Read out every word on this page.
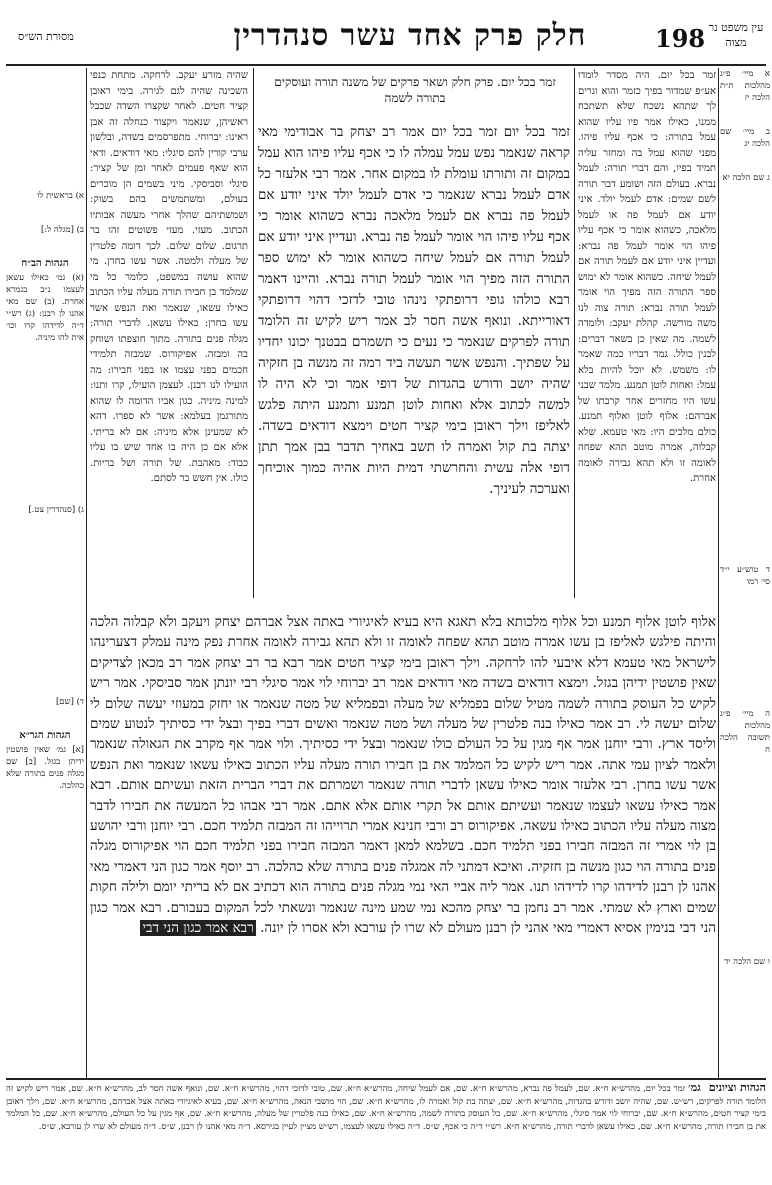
מסורת הש״ס	חלק פרק אחד עשר סנהדרין	198 עין משפט נר מצוה
א מיי׳ פ״ג מהלכות ת״ת הלכה יז
ב מיי׳ שם הלכה יג
ג שם הלכה יא
ד טוש״ע י״ד סי׳ רמו
ה מיי׳ פ״ג מהלכות תשובה הלכה ח
ו שם הלכה יד
זמר בכל יום. היה מסדר לומדו אע״פ שמדור בפיך כזמר והוא וגרים לך שתהא נשכח שלא תשתכח ממנו, כאילו אמר פיו עליו שהוא עמל בתורה: כי אכף עליו פיהו. מפני שהוא עמל בה ומחזר עליה תמיד בפיו, והם דברי תורה: לעמל נברא. בעולם הזה ושומע דבר תורה לשם שמים: אדם לעמל יולד. איני יודע אם לעמל פה או לעמל מלאכה, כשהוא אומר כי אכף עליו פיהו הוי אומר לעמל פה נברא: ועדיין איני יודע אם לעמל תורה אם לעמל שיחה. כשהוא אומר לא ימוש ספר התורה הזה מפיך הוי אומר לעמל תורה נברא: תורה צוה לנו משה מורשה. קהלת יעקב: ולומדה לשמה. מה שאין כן בשאר דברים: לבנין כולל. גמר דבריו כמה שאמר לו: משמש. לא יוכל להיות בלא עמל: ואחות לוטן תמנע. מלמד שבני עשו היו מחזרים אחר קרבתו של אברהם: אלוף לוטן ואלוף תמנע. כולם מלכים היו: מאי טעמא. שלא קבלוה, אמרה מוטב תהא שפחה לאומה זו ולא תהא גבירה לאומה אחרת.
זמר בכל יום. פרק חלק ושאר פרקים של משנה תורה ועוסקים בתורה לשמה
זמר בכל יום זמר בכל יום אמר רב יצחק בר אבודימי מאי קראה שנאמר נפש עמל עמלה לו כי אכף עליו פיהו הוא עמל במקום זה ותורתו עומלת לו במקום אחר. אמר רבי אלעזר כל אדם לעמל נברא שנאמר כי אדם לעמל יולד איני יודע אם לעמל פה נברא אם לעמל מלאכה נברא כשהוא אומר כי אכף עליו פיהו הוי אומר לעמל פה נברא. ועדיין איני יודע אם לעמל תורה אם לעמל שיחה כשהוא אומר לא ימוש ספר התורה הזה מפיך הוי אומר לעמל תורה נברא. והיינו דאמר רבא כולהו גופי דרופתקי נינהו טובי לדזכי דהוי דרופתקי דאורייתא. ונואף אשה חסר לב אמר ריש לקיש זה הלומד תורה לפרקים שנאמר כי נעים כי תשמרם בבטנך יכונו יחדיו על שפתיך. והנפש אשר תעשה ביד רמה זה מנשה בן חזקיה שהיה יושב ודורש בהגדות של דופי אמר וכי לא היה לו למשה לכתוב אלא ואחות לוטן תמנע ותמנע היתה פלגש לאליפז וילך ראובן בימי קציר חטים וימצא דודאים בשדה. יצתה בת קול ואמרה לו תשב באחיך תדבר בבן אמך תתן דופי אלה עשית והחרשתי דמית היות אהיה כמוך אוכיחך ואערכה לעיניך.
שהיה מזרע יעקב. לרחקה. מתחת כנפי השכינה שהיה לגם לגירה. בימי ראובן קציר חטים. לאחר שקצרו השדה שכבל ראשיהן, שנאמר ויקצור כנחלה זה אבן ראינו: יברוחי. מתפרסמים בשדה, ובלשון ערבי קורין להם סיגלי: מאי דודאים. ודאי הוא שאף פעמים לאחר זמן של קציר: סיגלי וסביסקי. מיני בשמים הן מוכרים בעולם, ומשתמשים בהם בשוק: ושמשתיהם שהלך אחרי מעשה אבותיו הכתוב. מעזי. מעזי פשוטים זהו בר תרגום. שלום שלום. לכך דומה פלטרין של מעלה ולמטה. אשר עשו בחרן. מי שהוא עושה במשפט, כלומר כל מי שמלמד בן חבירו תורה מעלה עליו הכתוב כאילו עשאו, שנאמר ואת הנפש אשר עשו בחרן: כאילו עשאן. לדברי תורה: מגלה פנים בתורה. מתוך חוצפתו ושוחק בה ומבזה. אפיקורוס. שמבזה תלמידי חכמים בפני עצמו או בפני חבירו: מה הועילו לנו רבנן. לעצמן הועילו, קרו ותנו: למינה מיניה. כגון אביו הדומה לו שהוא מתורגמן בעלמא: אשר לא ספרו. דהא לא שמעינן אלא מיניה: אם לא בריתי. אלא אם כן היה בו אחד שיש בו עליו כבוד: מאהבת. של תורה ושל בריות. כולו. אין חשש בר לסתם.
א) בראשית לו
ב) [מגלה ל:]
הגהות הב״ח
(א) גמ׳ כאילו עשאן לעצמו נ״ב בגמרא אחרת. (ב) שם מאי אהנו לן רבנן: (ג) רש״י ד״ה לדידהו קרו וכו׳ אית להו מיניה.
ג) [סנהדרין צט.]
ד) [שם]
הגהות הגר״א
[א] גמ׳ שאין פושטין ידיהן בגזל. [ב] שם מגלה פנים בתורה שלא כהלכה.
אלוף לוטן אלוף תמנע וכל אלוף מלכותא בלא תאגא היא בעיא לאיגיורי באתה אצל אברהם יצחק ויעקב ולא קבלוה הלכה והיתה פילגש לאליפז בן עשו אמרה מוטב תהא שפחה לאומה זו ולא תהא גבירה לאומה אחרת נפק מינה עמלק דצערינהו לישראל מאי טעמא דלא איבעי להו לרחקה. וילך ראובן בימי קציר חטים אמר רבא בר רב יצחק אמר רב מכאן לצדיקים שאין פושטין ידיהן בגזל. וימצא דודאים בשדה מאי דודאים אמר רב יברוחי לוי אמר סיגלי רבי יונתן אמר סביסקי. אמר ריש לקיש כל העוסק בתורה לשמה מטיל שלום בפמליא של מעלה ובפמליא של מטה שנאמר או יחזק במעוזי יעשה שלום לי שלום יעשה לי. רב אמר כאילו בנה פלטרין של מעלה ושל מטה שנאמר ואשים דברי בפיך ובצל ידי כסיתיך לנטוע שמים וליסד ארץ. ורבי יוחנן אמר אף מגין על כל העולם כולו שנאמר ובצל ידי כסיתיך. ולוי אמר אף מקרב את הגאולה שנאמר ולאמר לציון עמי אתה. אמר ריש לקיש כל המלמד את בן חבירו תורה מעלה עליו הכתוב כאילו עשאו שנאמר ואת הנפש אשר עשו בחרן. רבי אלעזר אומר כאילו עשאן לדברי תורה שנאמר ושמרתם את דברי הברית הזאת ועשיתם אותם. רבא אמר כאילו עשאו לעצמו שנאמר ועשיתם אותם אל תקרי אותם אלא אתם. אמר רבי אבהו כל המעשה את חבירו לדבר מצוה מעלה עליו הכתוב כאילו עשאה. אפיקורוס רב ורבי חנינא אמרי תרוייהו זה המבזה תלמיד חכם. רבי יוחנן ורבי יהושע בן לוי אמרי זה המבזה חבירו בפני תלמיד חכם. בשלמא למאן דאמר המבזה חבירו בפני תלמיד חכם הוי אפיקורוס מגלה פנים בתורה הוי כגון מנשה בן חזקיה. ואיכא דמתני לה אמגלה פנים בתורה שלא כהלכה. רב יוסף אמר כגון הני דאמרי מאי אהנו לן רבנן לדידהו קרו לדידהו תנו. אמר ליה אביי האי נמי מגלה פנים בתורה הוא דכתיב אם לא בריתי יומם ולילה חקות שמים וארץ לא שמתי. אמר רב נחמן בר יצחק מהכא נמי שמע מינה שנאמר ונשאתי לכל המקום בעבורם. רבא אמר כגון הני דבי בנימין אסיא דאמרי מאי אהני לן רבנן מעולם לא שרו לן עורבא ולא אסרו לן יונה. רבא אמר כגון הני דבי
הגהות וציונים
גמ׳ זמר בכל יום, מהרש״א ח״א. שם, לעמל פה נברא, מהרש״א ח״א. שם, אם לעמל שיחה, מהרש״א ח״א. שם, טובי לדזכי דהוי, מהרש״א ח״א. שם, ונואף אשה חסר לב, מהרש״א ח״א. שם, אמר ריש לקיש זה הלומד תורה לפרקים, רש״ש. שם, שהיה יושב ודורש בהגדות, מהרש״א ח״א. שם, יצתה בת קול ואמרה לו, מהרש״א ח״א. שם, הוי מושבי הנאה, מהרש״א ח״א. שם, בעיא לאיגיורי באתה אצל אברהם, מהרש״א ח״א. שם, וילך ראובן בימי קציר חטים, מהרש״א ח״א. שם, יברוחי לוי אמר סיגלי, מהרש״א ח״א. שם, כל העוסק בתורה לשמה, מהרש״א ח״א. שם, כאילו בנה פלטרין של מעלה, מהרש״א ח״א. שם, אף מגין על כל העולם, מהרש״א ח״א. שם, כל המלמד את בן חבירו תורה, מהרש״א ח״א. שם, כאילו עשאן לדברי תורה, מהרש״א ח״א. רש״י ד״ה כי אכף, ש״ס. ד״ה כאילו עשאו לעצמו, רש״ש מציין לעיין בגירסא. ד״ה מאי אהנו לן רבנן, ש״ס. ד״ה מעולם לא שרו לן עורבא, ש״ס.
